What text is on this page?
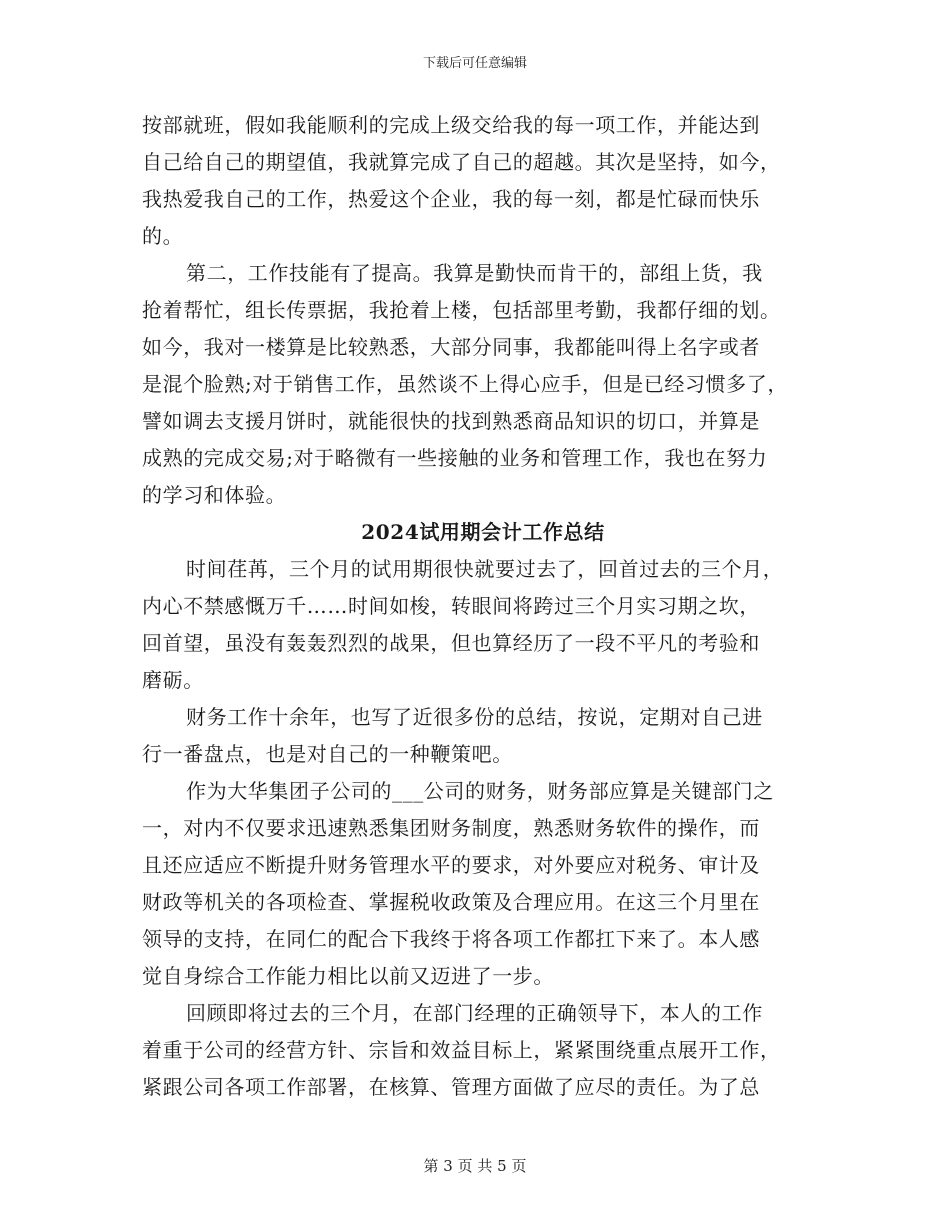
下载后可任意编辑
按部就班，假如我能顺利的完成上级交给我的每一项工作，并能达到
自己给自己的期望值，我就算完成了自己的超越。其次是坚持，如今，
我热爱我自己的工作，热爱这个企业，我的每一刻，都是忙碌而快乐
的。
第二，工作技能有了提高。我算是勤快而肯干的，部组上货，我
抢着帮忙，组长传票据，我抢着上楼，包括部里考勤，我都仔细的划。
如今，我对一楼算是比较熟悉，大部分同事，我都能叫得上名字或者
是混个脸熟;对于销售工作，虽然谈不上得心应手，但是已经习惯多了，
譬如调去支援月饼时，就能很快的找到熟悉商品知识的切口，并算是
成熟的完成交易;对于略微有一些接触的业务和管理工作，我也在努力
的学习和体验。
2024试用期会计工作总结
时间荏苒，三个月的试用期很快就要过去了，回首过去的三个月，
内心不禁感慨万千……时间如梭，转眼间将跨过三个月实习期之坎，
回首望，虽没有轰轰烈烈的战果，但也算经历了一段不平凡的考验和
磨砺。
财务工作十余年，也写了近很多份的总结，按说，定期对自己进
行一番盘点，也是对自己的一种鞭策吧。
作为大华集团子公司的___公司的财务，财务部应算是关键部门之
一，对内不仅要求迅速熟悉集团财务制度，熟悉财务软件的操作，而
且还应适应不断提升财务管理水平的要求，对外要应对税务、审计及
财政等机关的各项检查、掌握税收政策及合理应用。在这三个月里在
领导的支持，在同仁的配合下我终于将各项工作都扛下来了。本人感
觉自身综合工作能力相比以前又迈进了一步。
回顾即将过去的三个月，在部门经理的正确领导下，本人的工作
着重于公司的经营方针、宗旨和效益目标上，紧紧围绕重点展开工作，
紧跟公司各项工作部署，在核算、管理方面做了应尽的责任。为了总
第 3 页 共 5 页
